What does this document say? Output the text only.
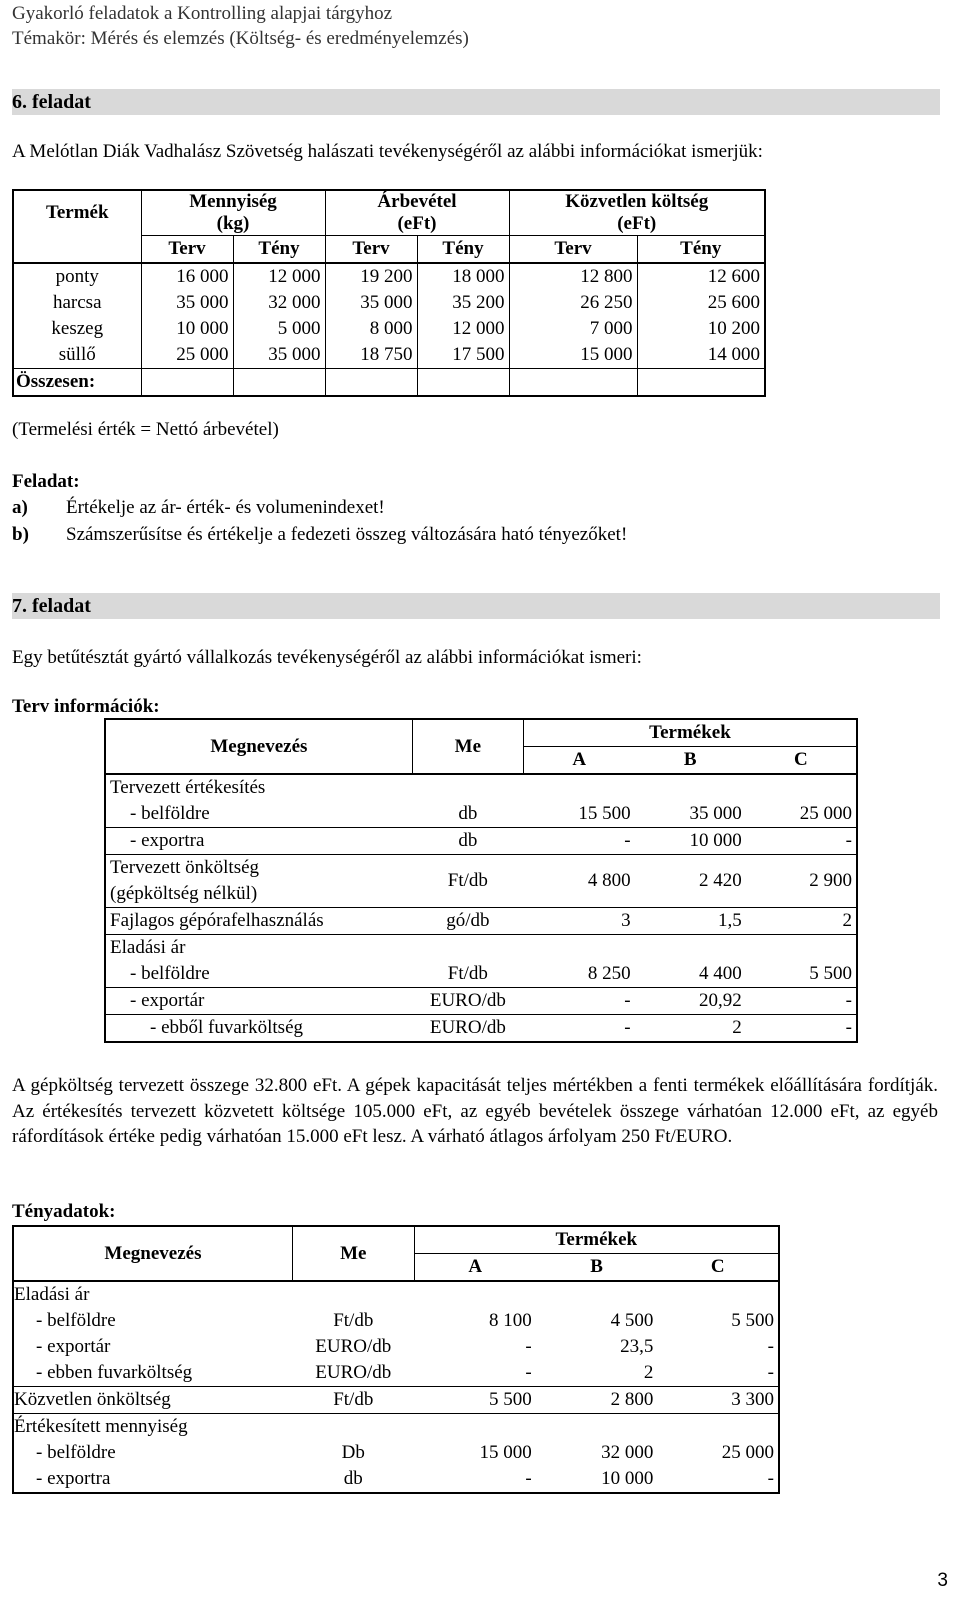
Gyakorló feladatok a Kontrolling alapjai tárgyhoz
Témakör: Mérés és elemzés (Költség- és eredményelemzés)
6. feladat
A Melótlan Diák Vadhalász Szövetség halászati tevékenységéről az alábbi információkat ismerjük:
Termék	Mennyiség		Árbevétel		Közvetlen költség	
	(kg)		(eFt)		(eFt)	
	Terv	Tény	Terv	Tény	Terv	Tény
ponty	16 000	12 000	19 200	18 000	12 800	12 600
harcsa	35 000	32 000	35 000	35 200	26 250	25 600
keszeg	10 000	5 000	8 000	12 000	7 000	10 200
süllő	25 000	35 000	18 750	17 500	15 000	14 000
Összesen:						
(Termelési érték = Nettó árbevétel)
Feladat:
a) Értékelje az ár- érték- és volumenindexet!
b) Számszerűsítse és értékelje a fedezeti összeg változására ható tényezőket!
7. feladat
Egy betűtésztát gyártó vállalkozás tevékenységéről az alábbi információkat ismeri:
Terv információk:
Megnevezés	Me	Termékek		
		A	B	C
Tervezett értékesítés				
- belföldre	db	15 500	35 000	25 000
- exportra	db	-	10 000	-
Tervezett önköltség	Ft/db	4 800	2 420	2 900
(gépköltség nélkül)				
Fajlagos gépórafelhasználás	gó/db	3	1,5	2
Eladási ár				
- belföldre	Ft/db	8 250	4 400	5 500
- exportár	EURO/db	-	20,92	-
- ebből fuvarköltség	EURO/db	-	2	-
A gépköltség tervezett összege 32.800 eFt. A gépek kapacitását teljes mértékben a fenti termékek előállítására fordítják. Az értékesítés tervezett közvetett költsége 105.000 eFt, az egyéb bevételek összege várhatóan 12.000 eFt, az egyéb ráfordítások értéke pedig várhatóan 15.000 eFt lesz. A várható átlagos árfolyam 250 Ft/EURO.
Tényadatok:
Megnevezés	Me	Termékek		
		A	B	C
Eladási ár				
- belföldre	Ft/db	8 100	4 500	5 500
- exportár	EURO/db	-	23,5	-
- ebben fuvarköltség	EURO/db	-	2	-
Közvetlen önköltség	Ft/db	5 500	2 800	3 300
Értékesített mennyiség				
- belföldre	Db	15 000	32 000	25 000
- exportra	db	-	10 000	-
3
